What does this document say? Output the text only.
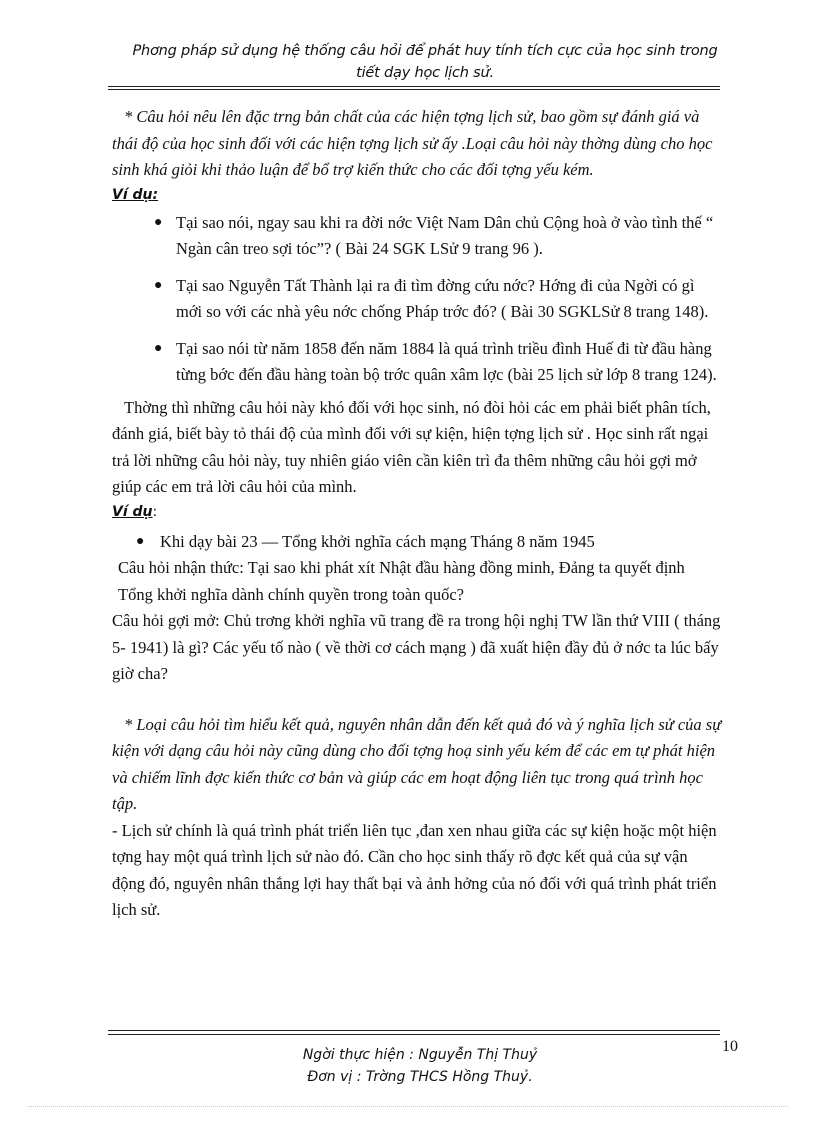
Phơng pháp sử dụng hệ thống câu hỏi để phát huy tính tích cực của học sinh trong
tiết dạy học lịch sử.

* Câu hỏi nêu lên đặc trng bản chất của các hiện tợng lịch sử, bao gồm sự đánh giá và thái độ của học sinh đối với các hiện tợng lịch sử ấy .Loại câu hỏi này thờng dùng cho học sinh khá giỏi khi thảo luận để bổ trợ kiến thức cho các đối tợng yếu kém.

Ví dụ:

● Tại sao nói, ngay sau khi ra đời nớc Việt Nam Dân chủ Cộng hoà ở vào tình thế “ Ngàn cân treo sợi tóc”? ( Bài 24 SGK LSử 9 trang 96 ).
● Tại sao Nguyễn Tất Thành lại ra đi tìm đờng cứu nớc? Hớng đi của Ngời có gì mới so với các nhà yêu nớc chống Pháp trớc đó? ( Bài 30 SGKLSử 8 trang 148).
● Tại sao nói từ năm 1858 đến năm 1884 là quá trình triều đình Huế đi từ đầu hàng từng bớc đến đầu hàng toàn bộ trớc quân xâm lợc (bài 25 lịch sử lớp 8 trang 124).

Thờng thì những câu hỏi này khó đối với học sinh, nó đòi hỏi các em phải biết phân tích, đánh giá, biết bày tỏ thái độ của mình đối với sự kiện, hiện tợng lịch sử . Học sinh rất ngại trả lời những câu hỏi này, tuy nhiên giáo viên cần kiên trì đa thêm những câu hỏi gợi mở giúp các em trả lời câu hỏi của mình.

Ví dụ:

● Khi dạy bài 23 — Tổng khởi nghĩa cách mạng Tháng 8 năm 1945

Câu hỏi nhận thức: Tại sao khi phát xít Nhật đầu hàng đồng minh, Đảng ta quyết định Tổng khởi nghĩa dành chính quyền trong toàn quốc?

Câu hỏi gợi mở: Chủ trơng khởi nghĩa vũ trang đề ra trong hội nghị TW lần thứ VIII ( tháng 5- 1941) là gì? Các yếu tố nào ( về thời cơ cách mạng ) đã xuất hiện đầy đủ ở nớc ta lúc bấy giờ cha?

* Loại câu hỏi tìm hiểu kết quả, nguyên nhân dẫn đến kết quả đó và ý nghĩa lịch sử của sự kiện với dạng câu hỏi này cũng dùng cho đối tợng hoạ sinh yếu kém để các em tự phát hiện và chiếm lĩnh đợc kiến thức cơ bản và giúp các em hoạt động liên tục trong quá trình học tập.

- Lịch sử chính là quá trình phát triển liên tục ,đan xen nhau giữa các sự kiện hoặc một hiện tợng hay một quá trình lịch sử nào đó. Cần cho học sinh thấy rõ đợc kết quả của sự vận động đó, nguyên nhân thắng lợi hay thất bại và ảnh hởng của nó đối với quá trình phát triển lịch sử.

10
Ngời thực hiện : Nguyễn Thị Thuỷ
Đơn vị : Trờng THCS Hồng Thuỷ.
